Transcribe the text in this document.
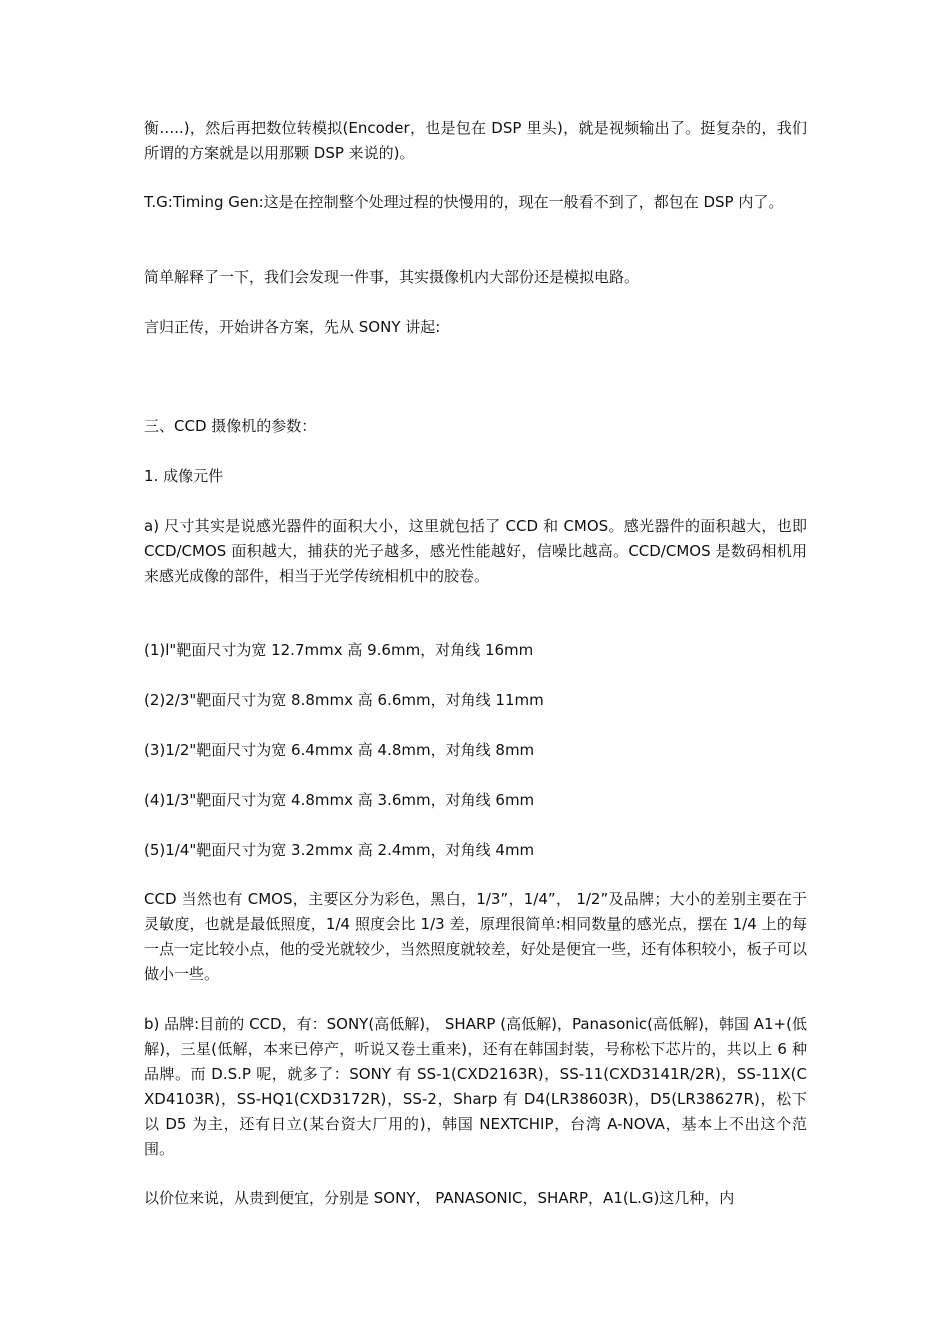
衡…..)，然后再把数位转模拟(Encoder，也是包在 DSP 里头)，就是视频输出了。挺复杂的，我们所谓的方案就是以用那颗 DSP 来说的)。

T.G:Timing Gen:这是在控制整个处理过程的快慢用的，现在一般看不到了，都包在 DSP 内了。

简单解释了一下，我们会发现一件事，其实摄像机内大部份还是模拟电路。

言归正传，开始讲各方案，先从 SONY 讲起:

三、CCD 摄像机的参数：

1. 成像元件

a) 尺寸其实是说感光器件的面积大小，这里就包括了 CCD 和 CMOS。感光器件的面积越大，也即 CCD/CMOS 面积越大，捕获的光子越多，感光性能越好，信噪比越高。CCD/CMOS 是数码相机用来感光成像的部件，相当于光学传统相机中的胶卷。

(1)l"靶面尺寸为宽 12.7mmx 高 9.6mm，对角线 16mm

(2)2/3"靶面尺寸为宽 8.8mmx 高 6.6mm，对角线 11mm

(3)1/2"靶面尺寸为宽 6.4mmx 高 4.8mm，对角线 8mm

(4)1/3"靶面尺寸为宽 4.8mmx 高 3.6mm，对角线 6mm

(5)1/4"靶面尺寸为宽 3.2mmx 高 2.4mm，对角线 4mm

CCD 当然也有 CMOS，主要区分为彩色，黑白，1/3”，1/4”， 1/2”及品牌；大小的差别主要在于灵敏度，也就是最低照度，1/4 照度会比 1/3 差，原理很简单:相同数量的感光点，摆在 1/4 上的每一点一定比较小点，他的受光就较少，当然照度就较差，好处是便宜一些，还有体积较小，板子可以做小一些。

b) 品牌:目前的 CCD，有：SONY(高低解)， SHARP (高低解)，Panasonic(高低解)，韩国 A1+(低解)，三星(低解，本来已停产，听说又卷土重来)，还有在韩国封装，号称松下芯片的，共以上 6 种品牌。而 D.S.P 呢，就多了：SONY 有 SS-1(CXD2163R)，SS-11(CXD3141R/2R)，SS-11X(CXD4103R)，SS-HQ1(CXD3172R)，SS-2，Sharp 有 D4(LR38603R)，D5(LR38627R)，松下以 D5 为主，还有日立(某台资大厂用的)，韩国 NEXTCHIP，台湾 A-NOVA，基本上不出这个范围。

以价位来说，从贵到便宜，分别是 SONY， PANASONIC，SHARP，A1(L.G)这几种，内
